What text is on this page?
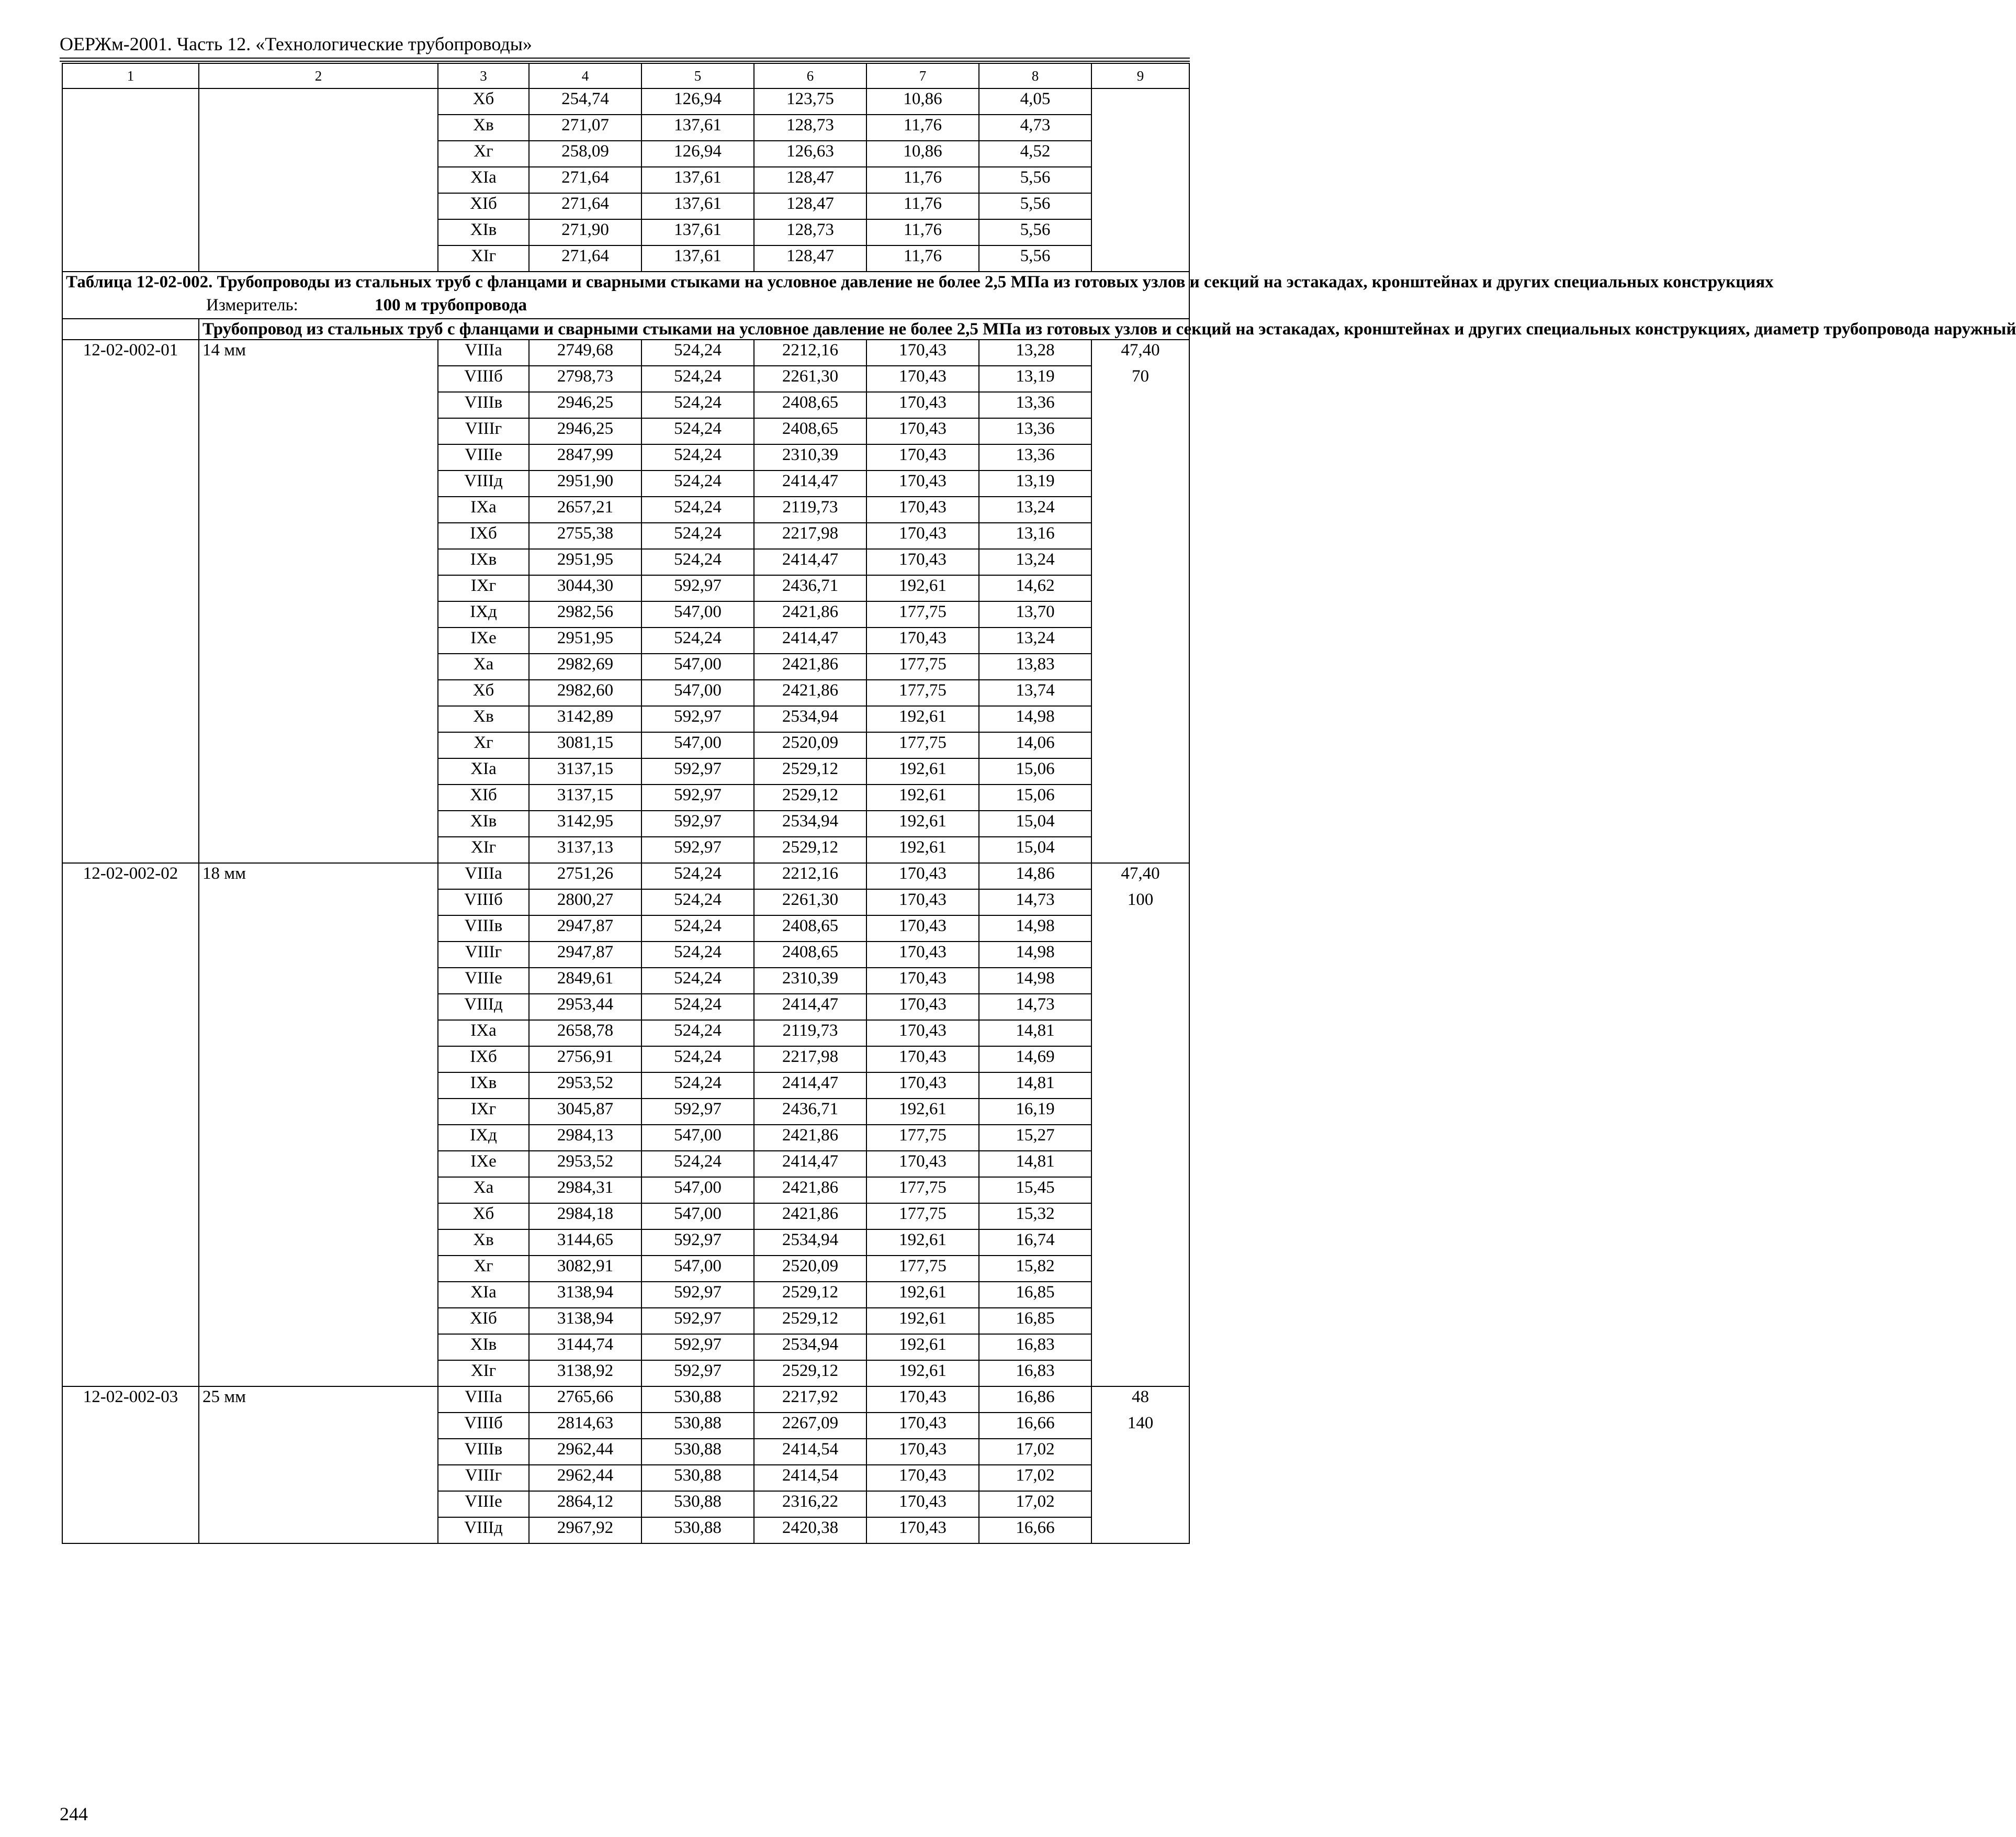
ОЕРЖм-2001. Часть 12. «Технологические трубопроводы»
1	2	3	4	5	6	7	8	9
		Xб	254,74	126,94	123,75	10,86	4,05	
		Xв	271,07	137,61	128,73	11,76	4,73	
		Xг	258,09	126,94	126,63	10,86	4,52	
		XIa	271,64	137,61	128,47	11,76	5,56	
		XIб	271,64	137,61	128,47	11,76	5,56	
		XIв	271,90	137,61	128,73	11,76	5,56	
		XIг	271,64	137,61	128,47	11,76	5,56	
Таблица 12-02-002. Трубопроводы из стальных труб с фланцами и сварными стыками на условное давление не более 2,5 МПа из готовых узлов и секций на эстакадах, кронштейнах и других специальных конструкциях								

Измеритель: 100 м трубопровода								

	Трубопровод из стальных труб с фланцами и сварными стыками на условное давление не более 2,5 МПа из готовых узлов и секций на эстакадах, кронштейнах и других специальных конструкциях, диаметр трубопровода наружный							
12-02-002-01	14 мм	VIIIa	2749,68	524,24	2212,16	170,43	13,28	47,40
		VIIIб	2798,73	524,24	2261,30	170,43	13,19	70
		VIIIв	2946,25	524,24	2408,65	170,43	13,36	
		VIIIг	2946,25	524,24	2408,65	170,43	13,36	
		VIIIe	2847,99	524,24	2310,39	170,43	13,36	
		VIIIд	2951,90	524,24	2414,47	170,43	13,19	
		IXa	2657,21	524,24	2119,73	170,43	13,24	
		IXб	2755,38	524,24	2217,98	170,43	13,16	
		IXв	2951,95	524,24	2414,47	170,43	13,24	
		IXг	3044,30	592,97	2436,71	192,61	14,62	
		IXд	2982,56	547,00	2421,86	177,75	13,70	
		IXe	2951,95	524,24	2414,47	170,43	13,24	
		Xa	2982,69	547,00	2421,86	177,75	13,83	
		Xб	2982,60	547,00	2421,86	177,75	13,74	
		Xв	3142,89	592,97	2534,94	192,61	14,98	
		Xг	3081,15	547,00	2520,09	177,75	14,06	
		XIa	3137,15	592,97	2529,12	192,61	15,06	
		XIб	3137,15	592,97	2529,12	192,61	15,06	
		XIв	3142,95	592,97	2534,94	192,61	15,04	
		XIг	3137,13	592,97	2529,12	192,61	15,04	
12-02-002-02	18 мм	VIIIa	2751,26	524,24	2212,16	170,43	14,86	47,40
		VIIIб	2800,27	524,24	2261,30	170,43	14,73	100
		VIIIв	2947,87	524,24	2408,65	170,43	14,98	
		VIIIг	2947,87	524,24	2408,65	170,43	14,98	
		VIIIe	2849,61	524,24	2310,39	170,43	14,98	
		VIIIд	2953,44	524,24	2414,47	170,43	14,73	
		IXa	2658,78	524,24	2119,73	170,43	14,81	
		IXб	2756,91	524,24	2217,98	170,43	14,69	
		IXв	2953,52	524,24	2414,47	170,43	14,81	
		IXг	3045,87	592,97	2436,71	192,61	16,19	
		IXд	2984,13	547,00	2421,86	177,75	15,27	
		IXe	2953,52	524,24	2414,47	170,43	14,81	
		Xa	2984,31	547,00	2421,86	177,75	15,45	
		Xб	2984,18	547,00	2421,86	177,75	15,32	
		Xв	3144,65	592,97	2534,94	192,61	16,74	
		Xг	3082,91	547,00	2520,09	177,75	15,82	
		XIa	3138,94	592,97	2529,12	192,61	16,85	
		XIб	3138,94	592,97	2529,12	192,61	16,85	
		XIв	3144,74	592,97	2534,94	192,61	16,83	
		XIг	3138,92	592,97	2529,12	192,61	16,83	
12-02-002-03	25 мм	VIIIa	2765,66	530,88	2217,92	170,43	16,86	48
		VIIIб	2814,63	530,88	2267,09	170,43	16,66	140
		VIIIв	2962,44	530,88	2414,54	170,43	17,02	
		VIIIг	2962,44	530,88	2414,54	170,43	17,02	
		VIIIe	2864,12	530,88	2316,22	170,43	17,02	
		VIIIд	2967,92	530,88	2420,38	170,43	16,66	
244
